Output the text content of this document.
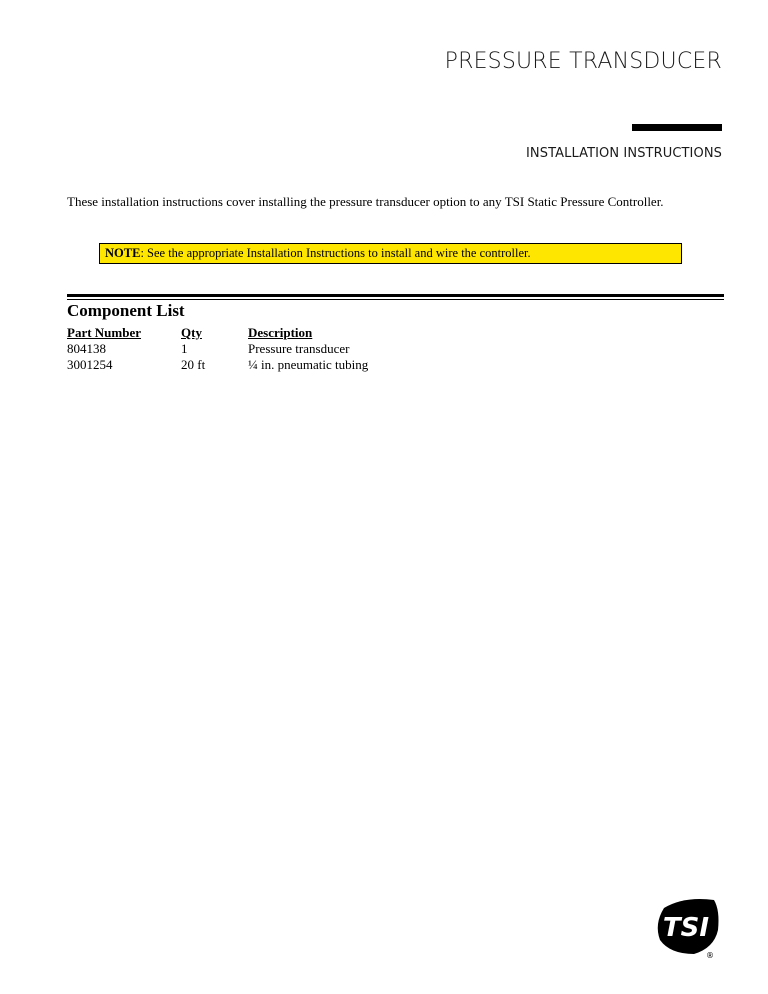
PRESSURE TRANSDUCER
INSTALLATION INSTRUCTIONS

These installation instructions cover installing the pressure transducer option to any TSI Static Pressure Controller.

NOTE: See the appropriate Installation Instructions to install and wire the controller.
Component List
Part Number
804138
3001254
Qty
1
20 ft
Description
Pressure transducer
¼ in. pneumatic tubing
TSI
®
